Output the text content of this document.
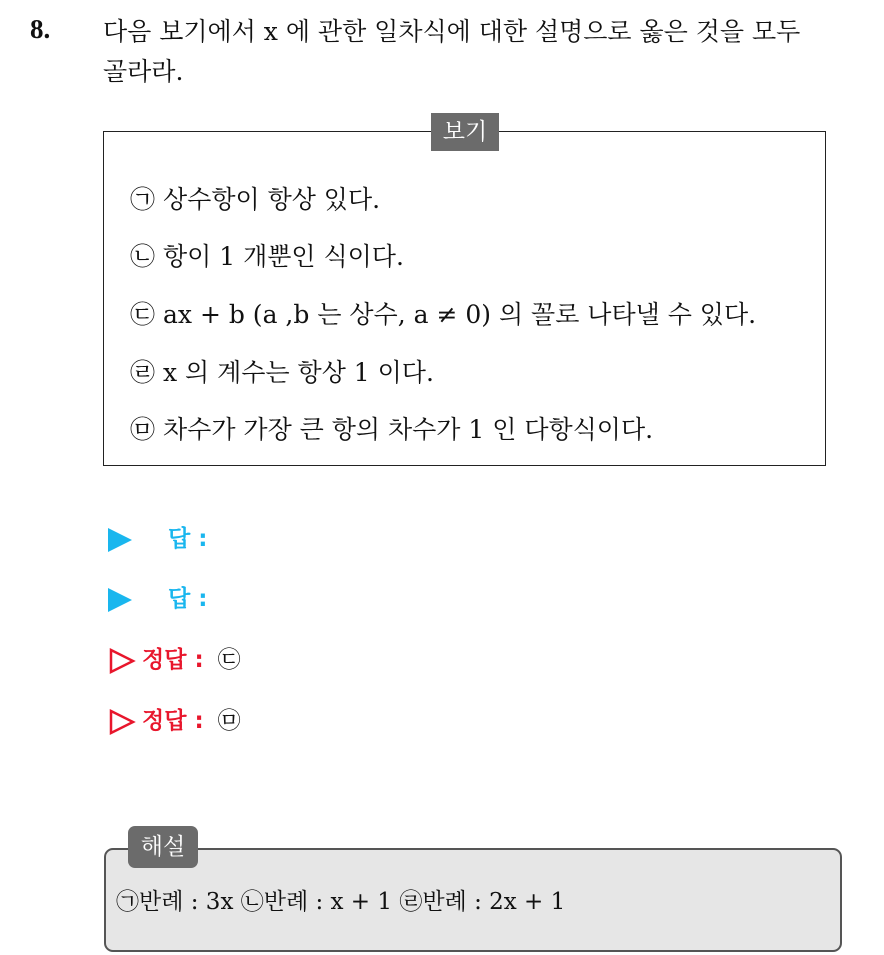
8. 다음 보기에서 x 에 관한 일차식에 대한 설명으로 옳은 것을 모두
골라라.
보기
㉠ 상수항이 항상 있다.
㉡ 항이 1 개뿐인 식이다.
㉢ ax + b (a ,b 는 상수, a ≠ 0) 의 꼴로 나타낼 수 있다.
㉣ x 의 계수는 항상 1 이다.
㉤ 차수가 가장 큰 항의 차수가 1 인 다항식이다.
답 :
답 :
정답 : ㉢
정답 : ㉤
해설
㉠반례 : 3x ㉡반례 : x + 1 ㉣반례 : 2x + 1
